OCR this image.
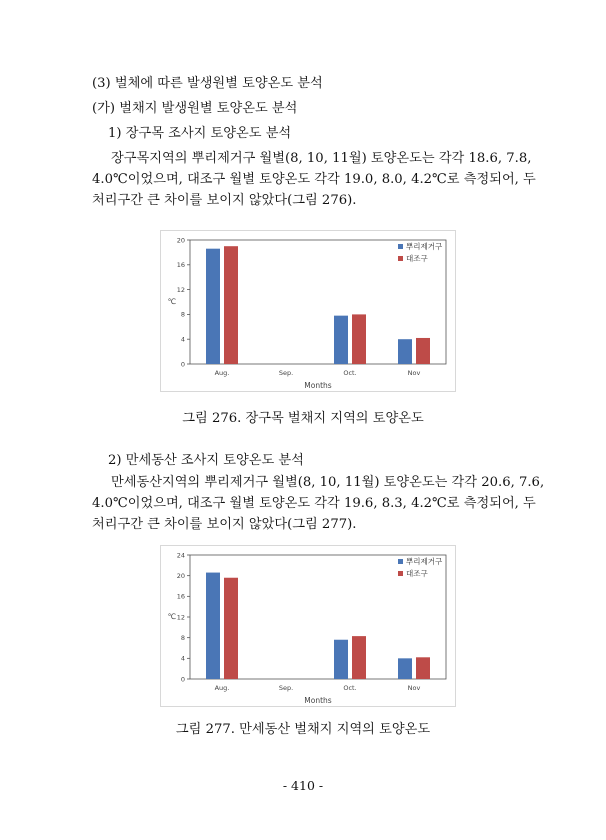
(3) 벌체에 따른 발생원별 토양온도 분석
(가) 벌채지 발생원별 토양온도 분석
1) 장구목 조사지 토양온도 분석
장구목지역의 뿌리제거구 월별(8, 10, 11월) 토양온도는 각각 18.6, 7.8,
4.0℃이었으며, 대조구 월별 토양온도 각각 19.0, 8.0, 4.2℃로 측정되어, 두
처리구간 큰 차이를 보이지 않았다(그림 276).
0
4
8
12
16
20
℃
Aug.	Sep.	Oct.	Nov
Months
뿌리제거구
대조구
그림 276. 장구목 벌채지 지역의 토양온도
2) 만세동산 조사지 토양온도 분석
만세동산지역의 뿌리제거구 월별(8, 10, 11월) 토양온도는 각각 20.6, 7.6,
4.0℃이었으며, 대조구 월별 토양온도 각각 19.6, 8.3, 4.2℃로 측정되어, 두
처리구간 큰 차이를 보이지 않았다(그림 277).
0
4
8
12
16
20
24
℃
Aug.	Sep.	Oct.	Nov
Months
뿌리제거구
대조구
그림 277. 만세동산 벌채지 지역의 토양온도
- 410 -
